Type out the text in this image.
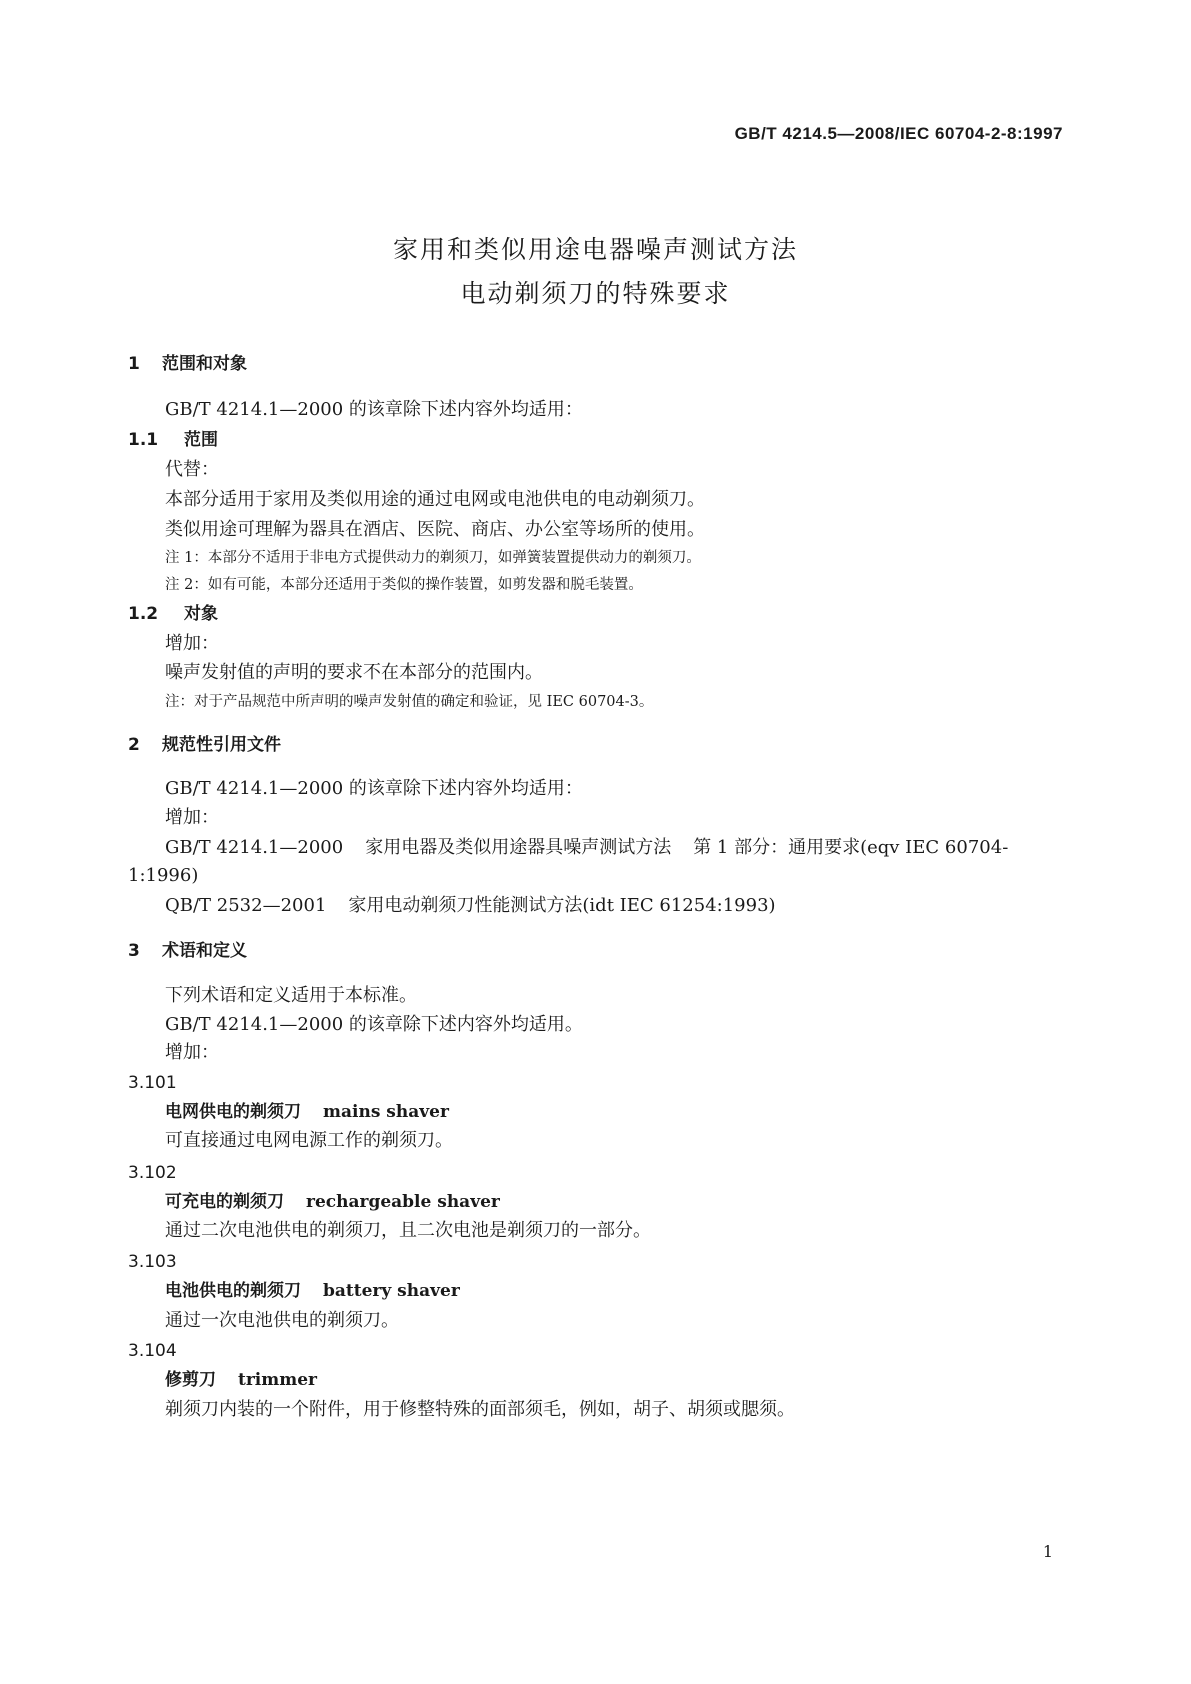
GB/T 4214.5—2008/IEC 60704-2-8:1997
家用和类似用途电器噪声测试方法
电动剃须刀的特殊要求
1 范围和对象
GB/T 4214.1—2000 的该章除下述内容外均适用：
1.1 范围
代替：
本部分适用于家用及类似用途的通过电网或电池供电的电动剃须刀。
类似用途可理解为器具在酒店、医院、商店、办公室等场所的使用。
注 1：本部分不适用于非电方式提供动力的剃须刀，如弹簧装置提供动力的剃须刀。
注 2：如有可能，本部分还适用于类似的操作装置，如剪发器和脱毛装置。
1.2 对象
增加：
噪声发射值的声明的要求不在本部分的范围内。
注：对于产品规范中所声明的噪声发射值的确定和验证，见 IEC 60704-3。
2 规范性引用文件
GB/T 4214.1—2000 的该章除下述内容外均适用：
增加：
GB/T 4214.1—2000 家用电器及类似用途器具噪声测试方法 第 1 部分：通用要求(eqv IEC 60704-
1:1996)
QB/T 2532—2001 家用电动剃须刀性能测试方法(idt IEC 61254:1993)
3 术语和定义
下列术语和定义适用于本标准。
GB/T 4214.1—2000 的该章除下述内容外均适用。
增加：
3.101
电网供电的剃须刀 mains shaver
可直接通过电网电源工作的剃须刀。
3.102
可充电的剃须刀 rechargeable shaver
通过二次电池供电的剃须刀，且二次电池是剃须刀的一部分。
3.103
电池供电的剃须刀 battery shaver
通过一次电池供电的剃须刀。
3.104
修剪刀 trimmer
剃须刀内装的一个附件，用于修整特殊的面部须毛，例如，胡子、胡须或腮须。
1
